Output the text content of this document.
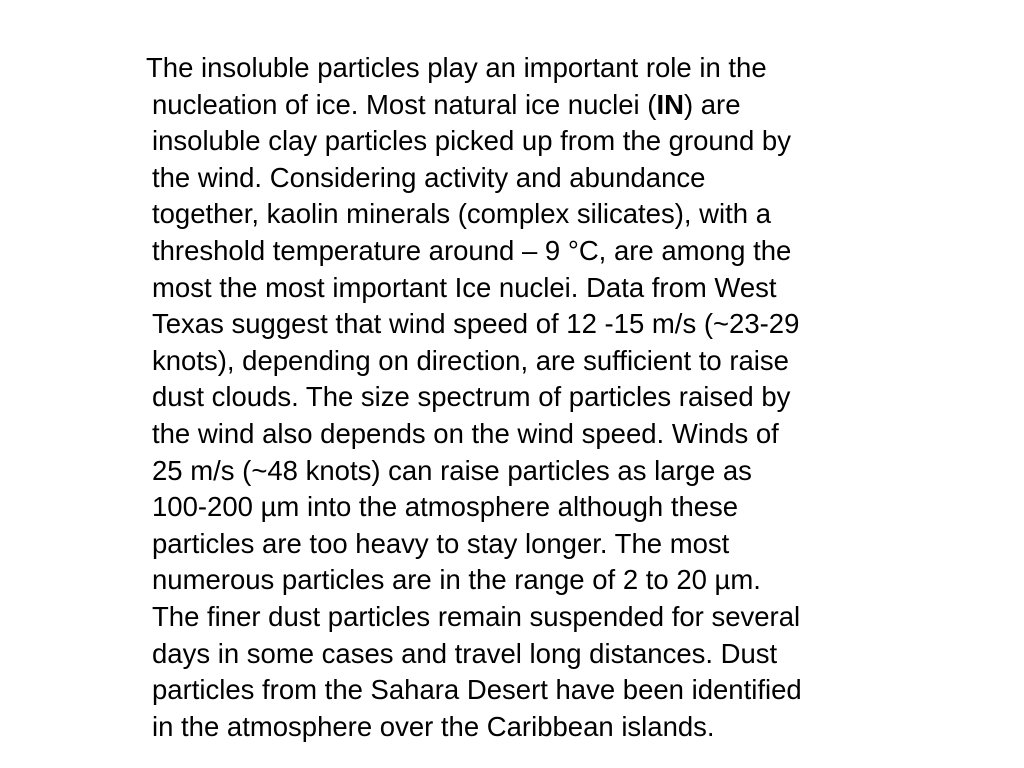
The insoluble particles play an important role in the
nucleation of ice. Most natural ice nuclei (IN) are
insoluble clay particles picked up from the ground by
the wind. Considering activity and abundance
together, kaolin minerals (complex silicates), with a
threshold temperature around – 9 °C, are among the
most the most important Ice nuclei. Data from West
Texas suggest that wind speed of 12 -15 m/s (~23-29
knots), depending on direction, are sufficient to raise
dust clouds. The size spectrum of particles raised by
the wind also depends on the wind speed. Winds of
25 m/s (~48 knots) can raise particles as large as
100-200 µm into the atmosphere although these
particles are too heavy to stay longer. The most
numerous particles are in the range of 2 to 20 µm.
The finer dust particles remain suspended for several
days in some cases and travel long distances. Dust
particles from the Sahara Desert have been identified
in the atmosphere over the Caribbean islands.
